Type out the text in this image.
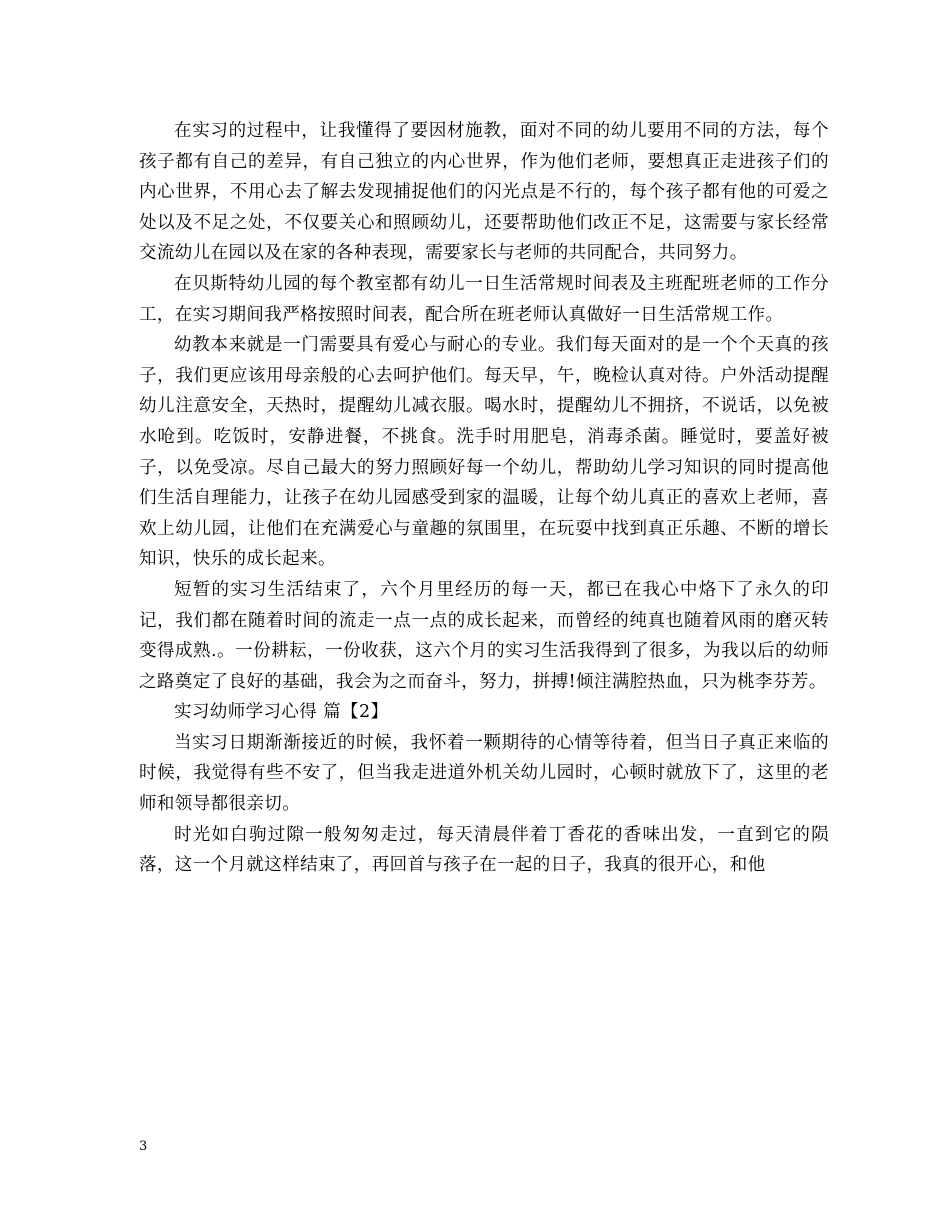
在实习的过程中，让我懂得了要因材施教，面对不同的幼儿要用不同的方法，每个孩子都有自己的差异，有自己独立的内心世界，作为他们老师，要想真正走进孩子们的内心世界，不用心去了解去发现捕捉他们的闪光点是不行的，每个孩子都有他的可爱之处以及不足之处，不仅要关心和照顾幼儿，还要帮助他们改正不足，这需要与家长经常交流幼儿在园以及在家的各种表现，需要家长与老师的共同配合，共同努力。

在贝斯特幼儿园的每个教室都有幼儿一日生活常规时间表及主班配班老师的工作分工，在实习期间我严格按照时间表，配合所在班老师认真做好一日生活常规工作。

幼教本来就是一门需要具有爱心与耐心的专业。我们每天面对的是一个个天真的孩子，我们更应该用母亲般的心去呵护他们。每天早，午，晚检认真对待。户外活动提醒幼儿注意安全，天热时，提醒幼儿减衣服。喝水时，提醒幼儿不拥挤，不说话，以免被水呛到。吃饭时，安静进餐，不挑食。洗手时用肥皂，消毒杀菌。睡觉时，要盖好被子，以免受凉。尽自己最大的努力照顾好每一个幼儿，帮助幼儿学习知识的同时提高他们生活自理能力，让孩子在幼儿园感受到家的温暖，让每个幼儿真正的喜欢上老师，喜欢上幼儿园，让他们在充满爱心与童趣的氛围里，在玩耍中找到真正乐趣、不断的增长知识，快乐的成长起来。

短暂的实习生活结束了，六个月里经历的每一天，都已在我心中烙下了永久的印记，我们都在随着时间的流走一点一点的成长起来，而曾经的纯真也随着风雨的磨灭转变得成熟.。一份耕耘，一份收获，这六个月的实习生活我得到了很多，为我以后的幼师之路奠定了良好的基础，我会为之而奋斗，努力，拼搏!倾注满腔热血，只为桃李芬芳。

实习幼师学习心得 篇【2】

当实习日期渐渐接近的时候，我怀着一颗期待的心情等待着，但当日子真正来临的时候，我觉得有些不安了，但当我走进道外机关幼儿园时，心顿时就放下了，这里的老师和领导都很亲切。

时光如白驹过隙一般匆匆走过，每天清晨伴着丁香花的香味出发，一直到它的陨落，这一个月就这样结束了，再回首与孩子在一起的日子，我真的很开心，和他

3
